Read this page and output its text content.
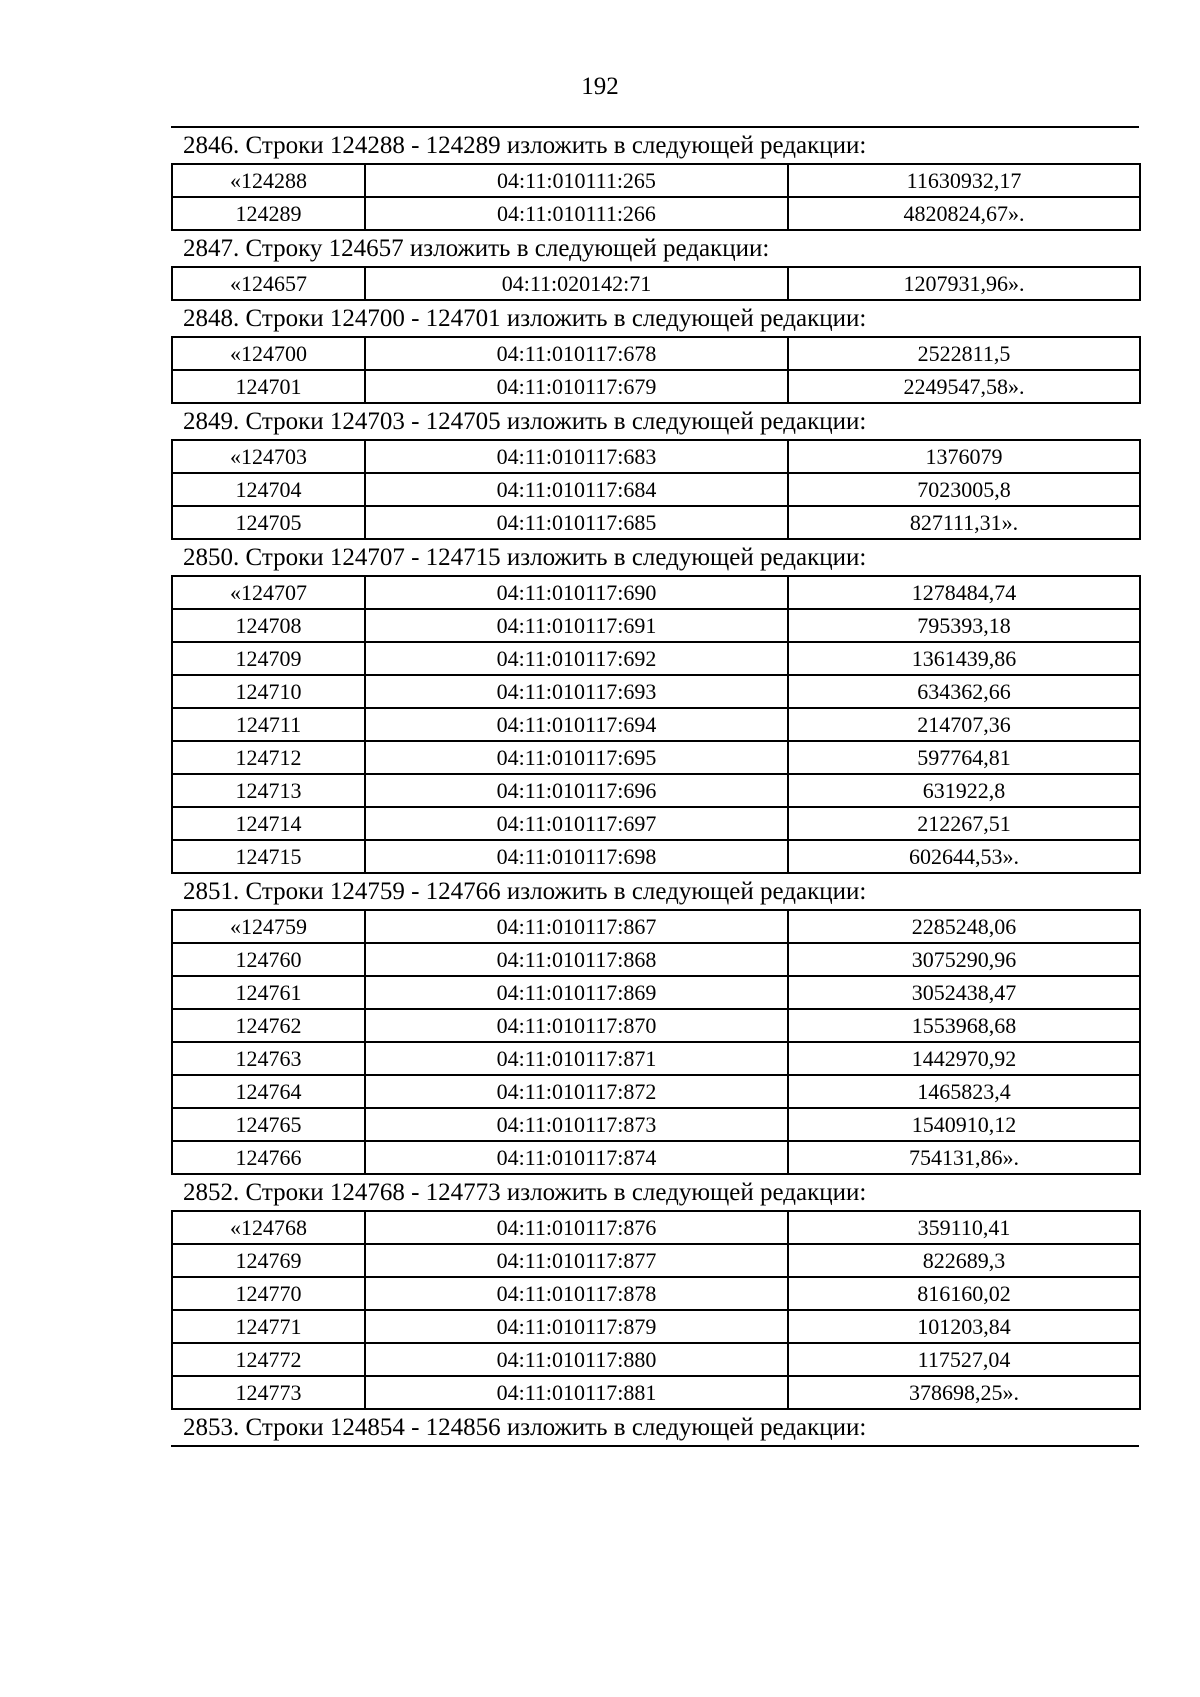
192
2846. Строки 124288 - 124289 изложить в следующей редакции:
«124288	04:11:010111:265	11630932,17
124289	04:11:010111:266	4820824,67».
2847. Строку 124657 изложить в следующей редакции:
«124657	04:11:020142:71	1207931,96».
2848. Строки 124700 - 124701 изложить в следующей редакции:
«124700	04:11:010117:678	2522811,5
124701	04:11:010117:679	2249547,58».
2849. Строки 124703 - 124705 изложить в следующей редакции:
«124703	04:11:010117:683	1376079
124704	04:11:010117:684	7023005,8
124705	04:11:010117:685	827111,31».
2850. Строки 124707 - 124715 изложить в следующей редакции:
«124707	04:11:010117:690	1278484,74
124708	04:11:010117:691	795393,18
124709	04:11:010117:692	1361439,86
124710	04:11:010117:693	634362,66
124711	04:11:010117:694	214707,36
124712	04:11:010117:695	597764,81
124713	04:11:010117:696	631922,8
124714	04:11:010117:697	212267,51
124715	04:11:010117:698	602644,53».
2851. Строки 124759 - 124766 изложить в следующей редакции:
«124759	04:11:010117:867	2285248,06
124760	04:11:010117:868	3075290,96
124761	04:11:010117:869	3052438,47
124762	04:11:010117:870	1553968,68
124763	04:11:010117:871	1442970,92
124764	04:11:010117:872	1465823,4
124765	04:11:010117:873	1540910,12
124766	04:11:010117:874	754131,86».
2852. Строки 124768 - 124773 изложить в следующей редакции:
«124768	04:11:010117:876	359110,41
124769	04:11:010117:877	822689,3
124770	04:11:010117:878	816160,02
124771	04:11:010117:879	101203,84
124772	04:11:010117:880	117527,04
124773	04:11:010117:881	378698,25».
2853. Строки 124854 - 124856 изложить в следующей редакции:
